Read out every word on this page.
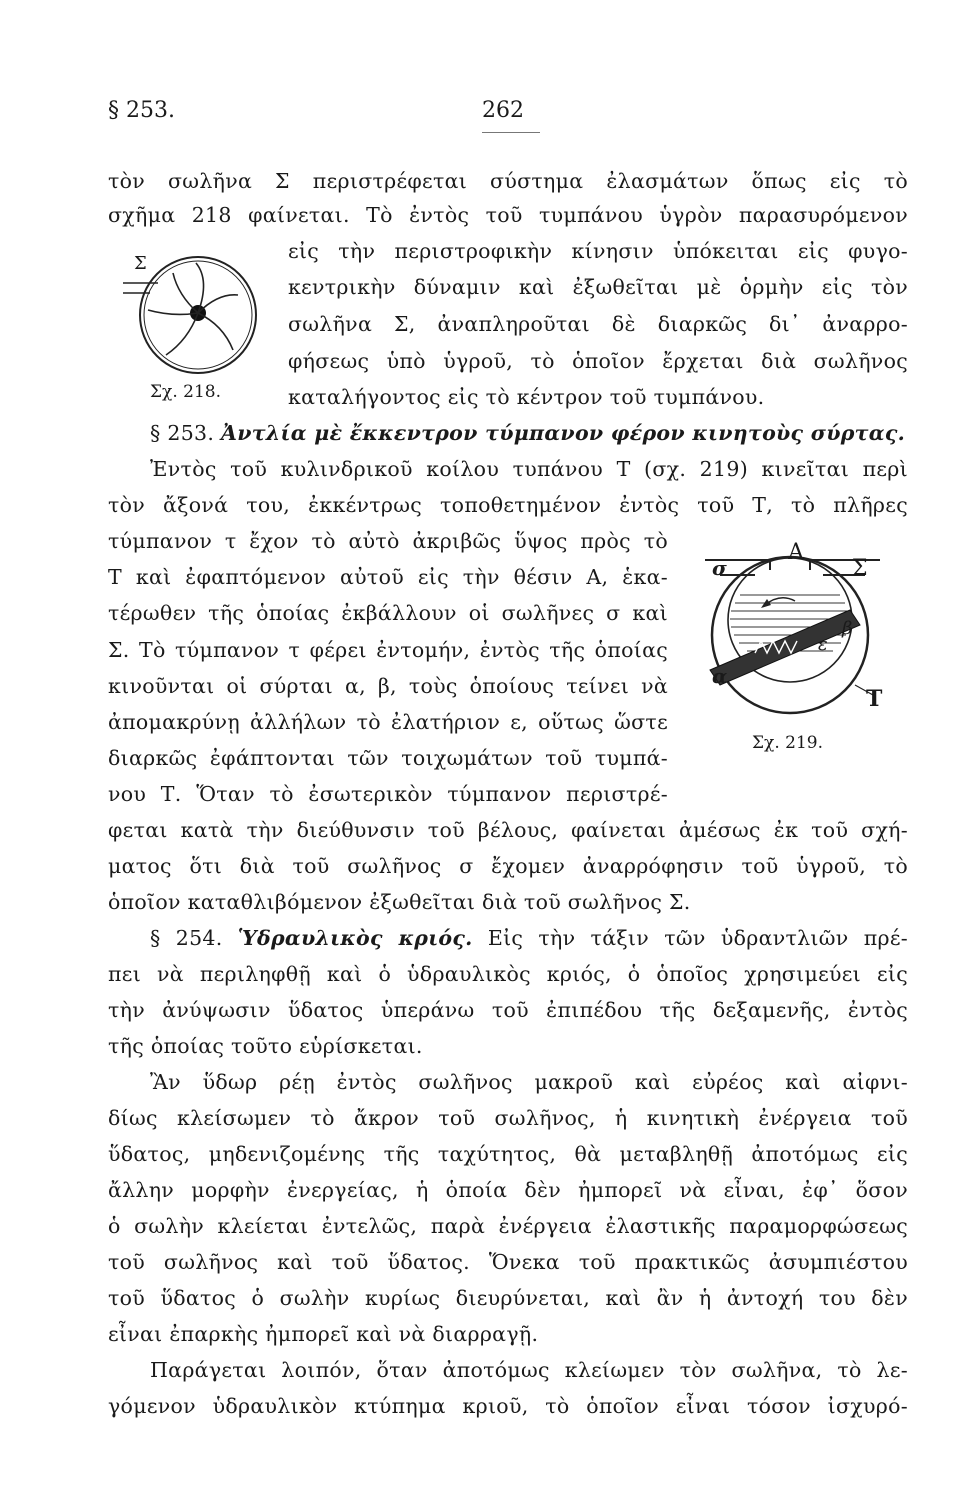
§ 253.	262
Σ
Σχ. 218.
A
σ	Σ
α
T
ε
β
Σχ. 219.
τὸν σωλῆνα Σ περιστρέφεται σύστημα ἐλασμάτων ὅπως εἰς τὸ
σχῆμα 218 φαίνεται. Τὸ ἐντὸς τοῦ τυμπάνου ὑγρὸν παρασυρόμενον
εἰς τὴν περιστροφικὴν κίνησιν ὑπόκειται εἰς φυγο-
κεντρικὴν δύναμιν καὶ ἐξωθεῖται μὲ ὁρμὴν εἰς τὸν
σωλῆνα Σ, ἀναπληροῦται δὲ διαρκῶς δι᾽ ἀναρρο-
φήσεως ὑπὸ ὑγροῦ, τὸ ὁποῖον ἔρχεται διὰ σωλῆνος
καταλήγοντος εἰς τὸ κέντρον τοῦ τυμπάνου.
§ 253. Ἀντλία μὲ ἔκκεντρον τύμπανον φέρον κινητοὺς σύρτας.
Ἐντὸς τοῦ κυλινδρικοῦ κοίλου τυπάνου Τ (σχ. 219) κινεῖται περὶ
τὸν ἄξονά του, ἐκκέντρως τοποθετημένον ἐντὸς τοῦ Τ, τὸ πλῆρες
τύμπανον τ ἔχον τὸ αὐτὸ ἀκριβῶς ὕψος πρὸς τὸ
Τ καὶ ἐφαπτόμενον αὐτοῦ εἰς τὴν θέσιν Α, ἑκα-
τέρωθεν τῆς ὁποίας ἐκβάλλουν οἱ σωλῆνες σ καὶ
Σ. Τὸ τύμπανον τ φέρει ἐντομήν, ἐντὸς τῆς ὁποίας
κινοῦνται οἱ σύρται α, β, τοὺς ὁποίους τείνει νὰ
ἀπομακρύνῃ ἀλλήλων τὸ ἐλατήριον ε, οὕτως ὥστε
διαρκῶς ἐφάπτονται τῶν τοιχωμάτων τοῦ τυμπά-
νου Τ. Ὅταν τὸ ἐσωτερικὸν τύμπανον περιστρέ-
φεται κατὰ τὴν διεύθυνσιν τοῦ βέλους, φαίνεται ἀμέσως ἐκ τοῦ σχή-
ματος ὅτι διὰ τοῦ σωλῆνος σ ἔχομεν ἀναρρόφησιν τοῦ ὑγροῦ, τὸ
ὁποῖον καταθλιβόμενον ἐξωθεῖται διὰ τοῦ σωλῆνος Σ.
§ 254. Ὑδραυλικὸς κριός. Εἰς τὴν τάξιν τῶν ὑδραντλιῶν πρέ-
πει νὰ περιληφθῇ καὶ ὁ ὑδραυλικὸς κριός, ὁ ὁποῖος χρησιμεύει εἰς
τὴν ἀνύψωσιν ὕδατος ὑπεράνω τοῦ ἐπιπέδου τῆς δεξαμενῆς, ἐντὸς
τῆς ὁποίας τοῦτο εὑρίσκεται.
Ἂν ὕδωρ ρέῃ ἐντὸς σωλῆνος μακροῦ καὶ εὐρέος καὶ αἰφνι-
δίως κλείσωμεν τὸ ἄκρον τοῦ σωλῆνος, ἡ κινητικὴ ἐνέργεια τοῦ
ὕδατος, μηδενιζομένης τῆς ταχύτητος, θὰ μεταβληθῇ ἀποτόμως εἰς
ἄλλην μορφὴν ἐνεργείας, ἡ ὁποία δὲν ἠμπορεῖ νὰ εἶναι, ἐφ᾽ ὅσον
ὁ σωλὴν κλείεται ἐντελῶς, παρὰ ἐνέργεια ἐλαστικῆς παραμορφώσεως
τοῦ σωλῆνος καὶ τοῦ ὕδατος. Ὅνεκα τοῦ πρακτικῶς ἀσυμπιέστου
τοῦ ὕδατος ὁ σωλὴν κυρίως διευρύνεται, καὶ ἂν ἡ ἀντοχή του δὲν
εἶναι ἐπαρκὴς ἠμπορεῖ καὶ νὰ διαρραγῇ.
Παράγεται λοιπόν, ὅταν ἀποτόμως κλείωμεν τὸν σωλῆνα, τὸ λε-
γόμενον ὑδραυλικὸν κτύπημα κριοῦ, τὸ ὁποῖον εἶναι τόσον ἰσχυρό-
